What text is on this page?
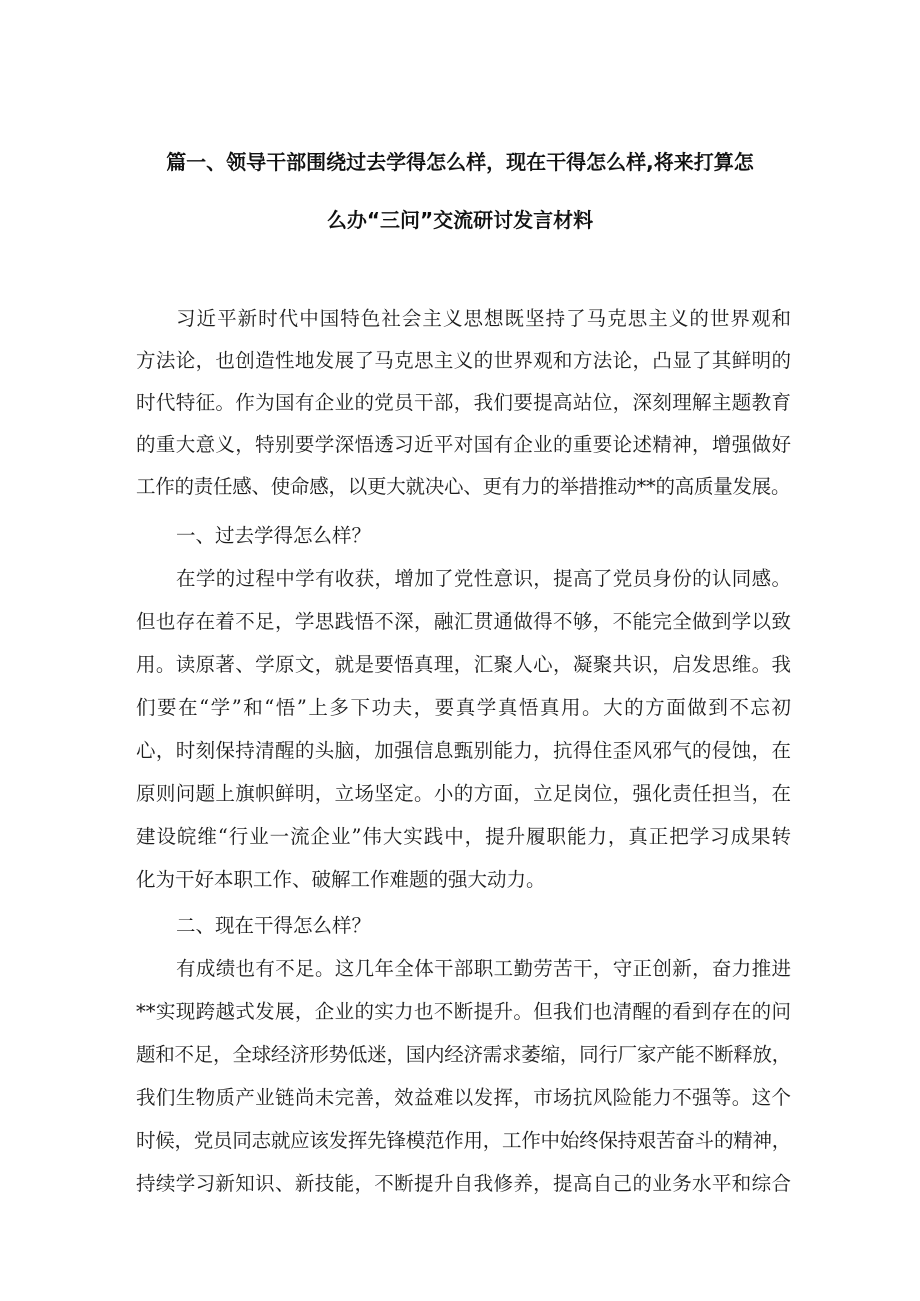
篇一、领导干部围绕过去学得怎么样，现在干得怎么样,将来打算怎
么办“三问”交流研讨发言材料
习近平新时代中国特色社会主义思想既坚持了马克思主义的世界观和
方法论，也创造性地发展了马克思主义的世界观和方法论，凸显了其鲜明的
时代特征。作为国有企业的党员干部，我们要提高站位，深刻理解主题教育
的重大意义，特别要学深悟透习近平对国有企业的重要论述精神，增强做好
工作的责任感、使命感，以更大就决心、更有力的举措推动**的高质量发展。
一、过去学得怎么样？
在学的过程中学有收获，增加了党性意识，提高了党员身份的认同感。
但也存在着不足，学思践悟不深，融汇贯通做得不够，不能完全做到学以致
用。读原著、学原文，就是要悟真理，汇聚人心，凝聚共识，启发思维。我
们要在“学”和“悟”上多下功夫，要真学真悟真用。大的方面做到不忘初
心，时刻保持清醒的头脑，加强信息甄别能力，抗得住歪风邪气的侵蚀，在
原则问题上旗帜鲜明，立场坚定。小的方面，立足岗位，强化责任担当，在
建设皖维“行业一流企业”伟大实践中，提升履职能力，真正把学习成果转
化为干好本职工作、破解工作难题的强大动力。
二、现在干得怎么样？
有成绩也有不足。这几年全体干部职工勤劳苦干，守正创新，奋力推进
**实现跨越式发展，企业的实力也不断提升。但我们也清醒的看到存在的问
题和不足，全球经济形势低迷，国内经济需求萎缩，同行厂家产能不断释放，
我们生物质产业链尚未完善，效益难以发挥，市场抗风险能力不强等。这个
时候，党员同志就应该发挥先锋模范作用，工作中始终保持艰苦奋斗的精神，
持续学习新知识、新技能，不断提升自我修养，提高自己的业务水平和综合
